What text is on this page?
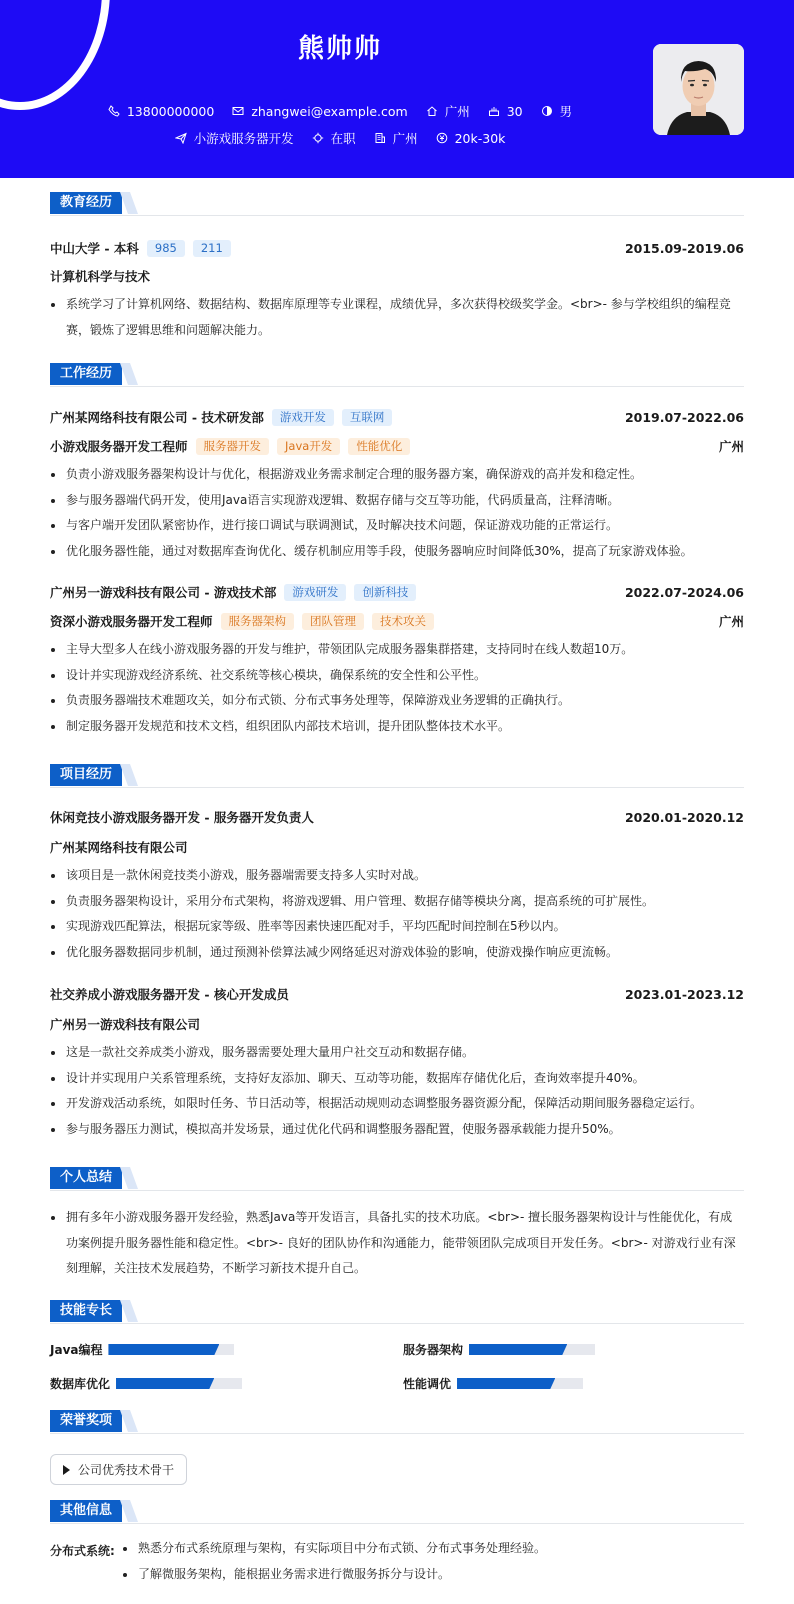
熊帅帅
13800000000	zhangwei@example.com	广州	30	男
小游戏服务器开发	在职	广州	20k-30k
教育经历
中山大学 - 本科	985	211	2015.09-2019.06
计算机科学与技术
系统学习了计算机网络、数据结构、数据库原理等专业课程，成绩优异，多次获得校级奖学金。<br>- 参与学校组织的编程竞赛，锻炼了逻辑思维和问题解决能力。
工作经历
广州某网络科技有限公司 - 技术研发部	游戏开发	互联网	2019.07-2022.06
小游戏服务器开发工程师	服务器开发	Java开发	性能优化	广州
负责小游戏服务器架构设计与优化，根据游戏业务需求制定合理的服务器方案，确保游戏的高并发和稳定性。
参与服务器端代码开发，使用Java语言实现游戏逻辑、数据存储与交互等功能，代码质量高，注释清晰。
与客户端开发团队紧密协作，进行接口调试与联调测试，及时解决技术问题，保证游戏功能的正常运行。
优化服务器性能，通过对数据库查询优化、缓存机制应用等手段，使服务器响应时间降低30%，提高了玩家游戏体验。
广州另一游戏科技有限公司 - 游戏技术部	游戏研发	创新科技	2022.07-2024.06
资深小游戏服务器开发工程师	服务器架构	团队管理	技术攻关	广州
主导大型多人在线小游戏服务器的开发与维护，带领团队完成服务器集群搭建，支持同时在线人数超10万。
设计并实现游戏经济系统、社交系统等核心模块，确保系统的安全性和公平性。
负责服务器端技术难题攻关，如分布式锁、分布式事务处理等，保障游戏业务逻辑的正确执行。
制定服务器开发规范和技术文档，组织团队内部技术培训，提升团队整体技术水平。
项目经历
休闲竞技小游戏服务器开发 - 服务器开发负责人	2020.01-2020.12
广州某网络科技有限公司
该项目是一款休闲竞技类小游戏，服务器端需要支持多人实时对战。
负责服务器架构设计，采用分布式架构，将游戏逻辑、用户管理、数据存储等模块分离，提高系统的可扩展性。
实现游戏匹配算法，根据玩家等级、胜率等因素快速匹配对手，平均匹配时间控制在5秒以内。
优化服务器数据同步机制，通过预测补偿算法减少网络延迟对游戏体验的影响，使游戏操作响应更流畅。
社交养成小游戏服务器开发 - 核心开发成员	2023.01-2023.12
广州另一游戏科技有限公司
这是一款社交养成类小游戏，服务器需要处理大量用户社交互动和数据存储。
设计并实现用户关系管理系统，支持好友添加、聊天、互动等功能，数据库存储优化后，查询效率提升40%。
开发游戏活动系统，如限时任务、节日活动等，根据活动规则动态调整服务器资源分配，保障活动期间服务器稳定运行。
参与服务器压力测试，模拟高并发场景，通过优化代码和调整服务器配置，使服务器承载能力提升50%。
个人总结
拥有多年小游戏服务器开发经验，熟悉Java等开发语言，具备扎实的技术功底。<br>- 擅长服务器架构设计与性能优化，有成功案例提升服务器性能和稳定性。<br>- 良好的团队协作和沟通能力，能带领团队完成项目开发任务。<br>- 对游戏行业有深刻理解，关注技术发展趋势，不断学习新技术提升自己。
技能专长
Java编程	服务器架构
数据库优化	性能调优
荣誉奖项
公司优秀技术骨干
其他信息
分布式系统:	熟悉分布式系统原理与架构，有实际项目中分布式锁、分布式事务处理经验。
了解微服务架构，能根据业务需求进行微服务拆分与设计。
